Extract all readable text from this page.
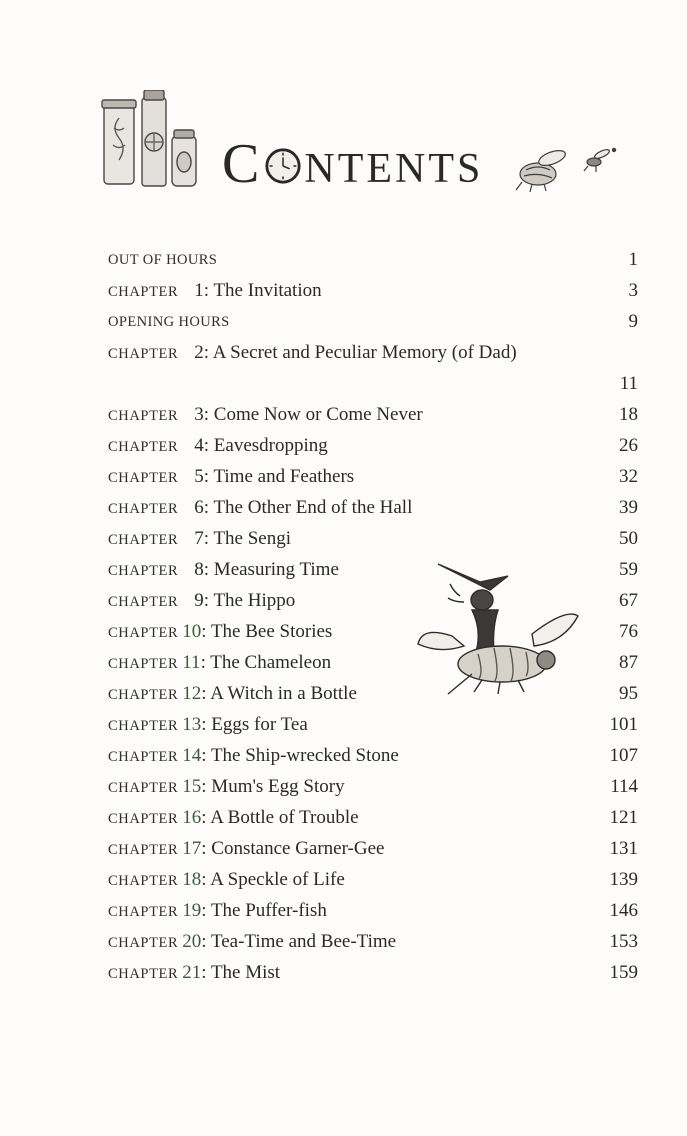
C NTENTS
OUT OF HOURS	1
CHAPTER 1: The Invitation	3
OPENING HOURS	9
CHAPTER 2: A Secret and Peculiar Memory (of Dad)
11
CHAPTER 3: Come Now or Come Never	18
CHAPTER 4: Eavesdropping	26
CHAPTER 5: Time and Feathers	32
CHAPTER 6: The Other End of the Hall	39
CHAPTER 7: The Sengi	50
CHAPTER 8: Measuring Time	59
CHAPTER 9: The Hippo	67
CHAPTER 10: The Bee Stories	76
CHAPTER 11: The Chameleon	87
CHAPTER 12: A Witch in a Bottle	95
CHAPTER 13: Eggs for Tea	101
CHAPTER 14: The Ship-wrecked Stone	107
CHAPTER 15: Mum's Egg Story	114
CHAPTER 16: A Bottle of Trouble	121
CHAPTER 17: Constance Garner-Gee	131
CHAPTER 18: A Speckle of Life	139
CHAPTER 19: The Puffer-fish	146
CHAPTER 20: Tea-Time and Bee-Time	153
CHAPTER 21: The Mist	159
